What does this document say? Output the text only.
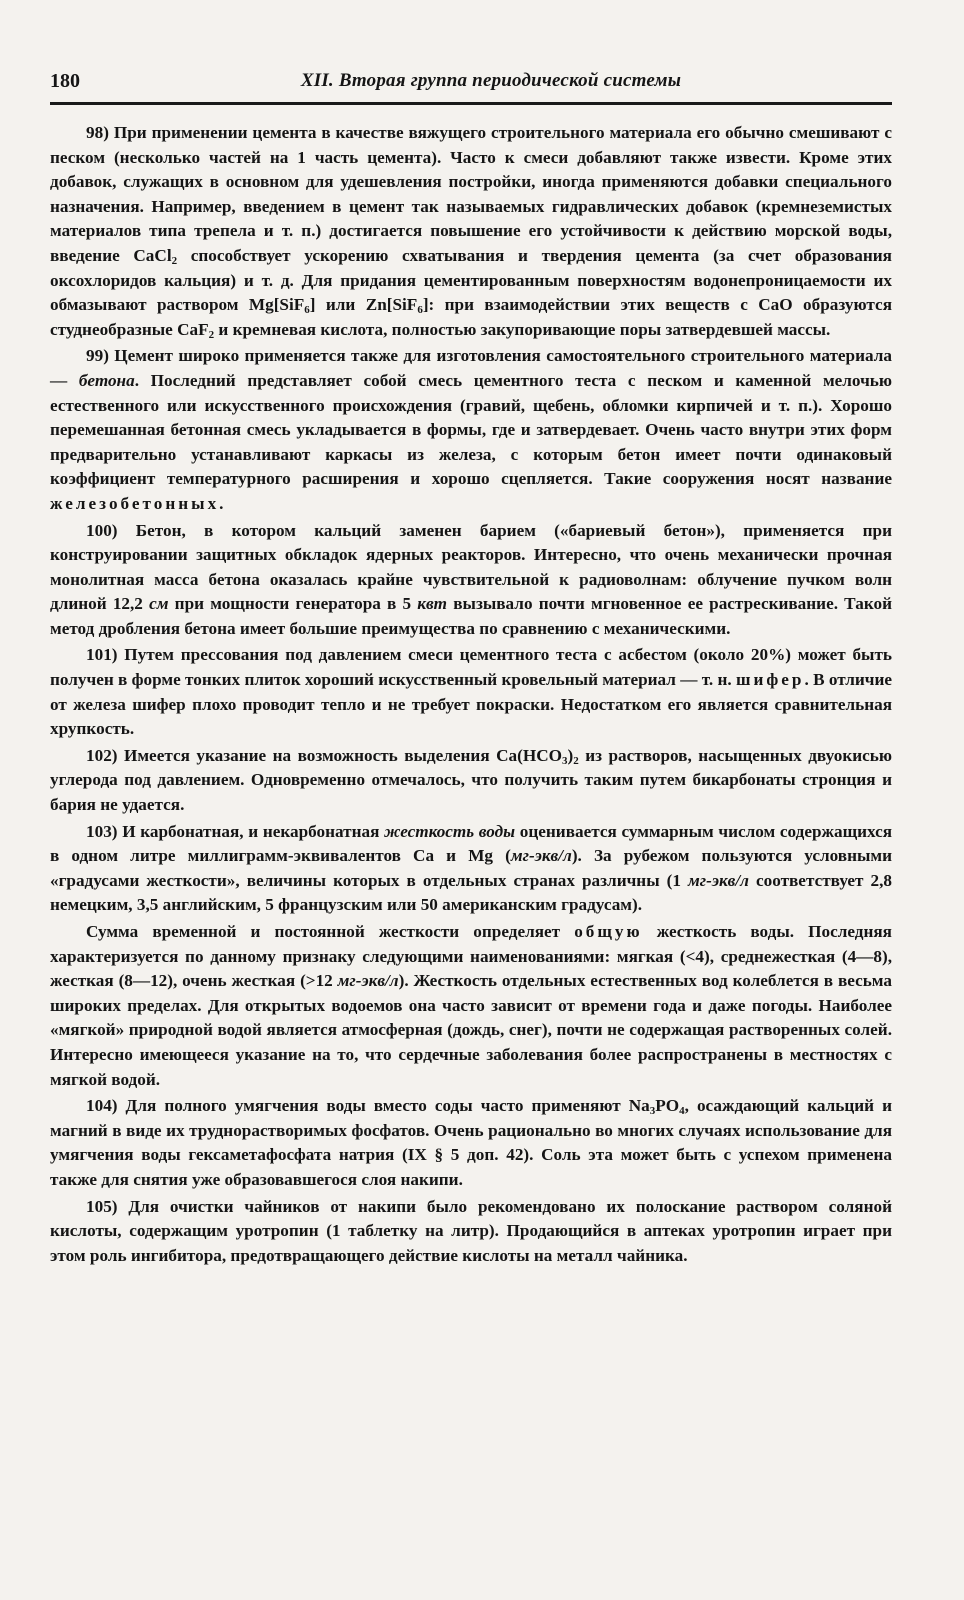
180	XII. Вторая группа периодической системы

98) При применении цемента в качестве вяжущего строительного материала его обычно смешивают с песком (несколько частей на 1 часть цемента). Часто к смеси добавляют также извести. Кроме этих добавок, служащих в основном для удешевления постройки, иногда применяются добавки специального назначения. Например, введением в цемент так называемых гидравлических добавок (кремнеземистых материалов типа трепела и т. п.) достигается повышение его устойчивости к действию морской воды, введение CaCl$_2$ способствует ускорению схватывания и твердения цемента (за счет образования оксохлоридов кальция) и т. д. Для придания цементированным поверхностям водонепроницаемости их обмазывают раствором Mg[SiF$_6$] или Zn[SiF$_6$]: при взаимодействии этих веществ с CaO образуются студнеобразные CaF$_2$ и кремневая кислота, полностью закупоривающие поры затвердевшей массы.

99) Цемент широко применяется также для изготовления самостоятельного строительного материала — бетона. Последний представляет собой смесь цементного теста с песком и каменной мелочью естественного или искусственного происхождения (гравий, щебень, обломки кирпичей и т. п.). Хорошо перемешанная бетонная смесь укладывается в формы, где и затвердевает. Очень часто внутри этих форм предварительно устанавливают каркасы из железа, с которым бетон имеет почти одинаковый коэффициент температурного расширения и хорошо сцепляется. Такие сооружения носят название железобетонных.

100) Бетон, в котором кальций заменен барием («бариевый бетон»), применяется при конструировании защитных обкладок ядерных реакторов. Интересно, что очень механически прочная монолитная масса бетона оказалась крайне чувствительной к радиоволнам: облучение пучком волн длиной 12,2 см при мощности генератора в 5 квт вызывало почти мгновенное ее растрескивание. Такой метод дробления бетона имеет большие преимущества по сравнению с механическими.

101) Путем прессования под давлением смеси цементного теста с асбестом (около 20%) может быть получен в форме тонких плиток хороший искусственный кровельный материал — т. н. шифер. В отличие от железа шифер плохо проводит тепло и не требует покраски. Недостатком его является сравнительная хрупкость.

102) Имеется указание на возможность выделения $Ca(HCO_3)_2$ из растворов, насыщенных двуокисью углерода под давлением. Одновременно отмечалось, что получить таким путем бикарбонаты стронция и бария не удается.

103) И карбонатная, и некарбонатная жесткость воды оценивается суммарным числом содержащихся в одном литре миллиграмм-эквивалентов Ca и Mg (мг-экв/л). За рубежом пользуются условными «градусами жесткости», величины которых в отдельных странах различны (1 мг-экв/л соответствует 2,8 немецким, 3,5 английским, 5 французским или 50 американским градусам).

Сумма временной и постоянной жесткости определяет общую жесткость воды. Последняя характеризуется по данному признаку следующими наименованиями: мягкая (<4), среднежесткая (4—8), жесткая (8—12), очень жесткая (>12 мг-экв/л). Жесткость отдельных естественных вод колеблется в весьма широких пределах. Для открытых водоемов она часто зависит от времени года и даже погоды. Наиболее «мягкой» природной водой является атмосферная (дождь, снег), почти не содержащая растворенных солей. Интересно имеющееся указание на то, что сердечные заболевания более распространены в местностях с мягкой водой.

104) Для полного умягчения воды вместо соды часто применяют $Na_3PO_4$, осаждающий кальций и магний в виде их труднорастворимых фосфатов. Очень рационально во многих случаях использование для умягчения воды гексаметафосфата натрия (IX § 5 доп. 42). Соль эта может быть с успехом применена также для снятия уже образовавшегося слоя накипи.

105) Для очистки чайников от накипи было рекомендовано их полоскание раствором соляной кислоты, содержащим уротропин (1 таблетку на литр). Продающийся в аптеках уротропин играет при этом роль ингибитора, предотвращающего действие кислоты на металл чайника.
